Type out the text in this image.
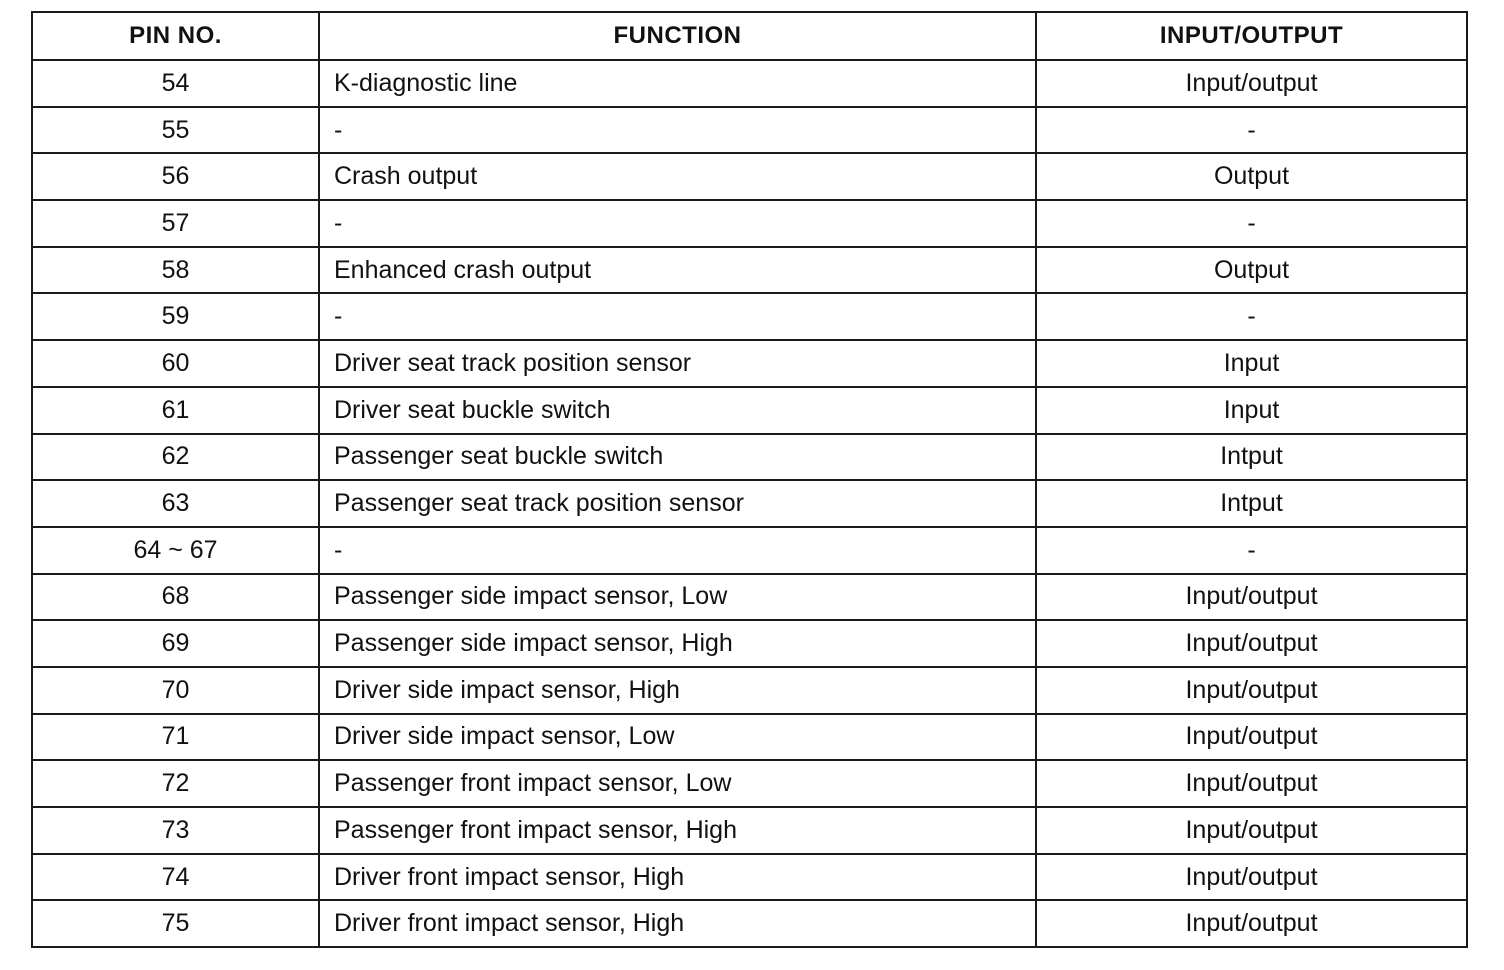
PIN NO.	FUNCTION	INPUT/OUTPUT
54	K-diagnostic line	Input/output
55	-	-
56	Crash output	Output
57	-	-
58	Enhanced crash output	Output
59	-	-
60	Driver seat track position sensor	Input
61	Driver seat buckle switch	Input
62	Passenger seat buckle switch	Intput
63	Passenger seat track position sensor	Intput
64 ~ 67	-	-
68	Passenger side impact sensor, Low	Input/output
69	Passenger side impact sensor, High	Input/output
70	Driver side impact sensor, High	Input/output
71	Driver side impact sensor, Low	Input/output
72	Passenger front impact sensor, Low	Input/output
73	Passenger front impact sensor, High	Input/output
74	Driver front impact sensor, High	Input/output
75	Driver front impact sensor, High	Input/output
